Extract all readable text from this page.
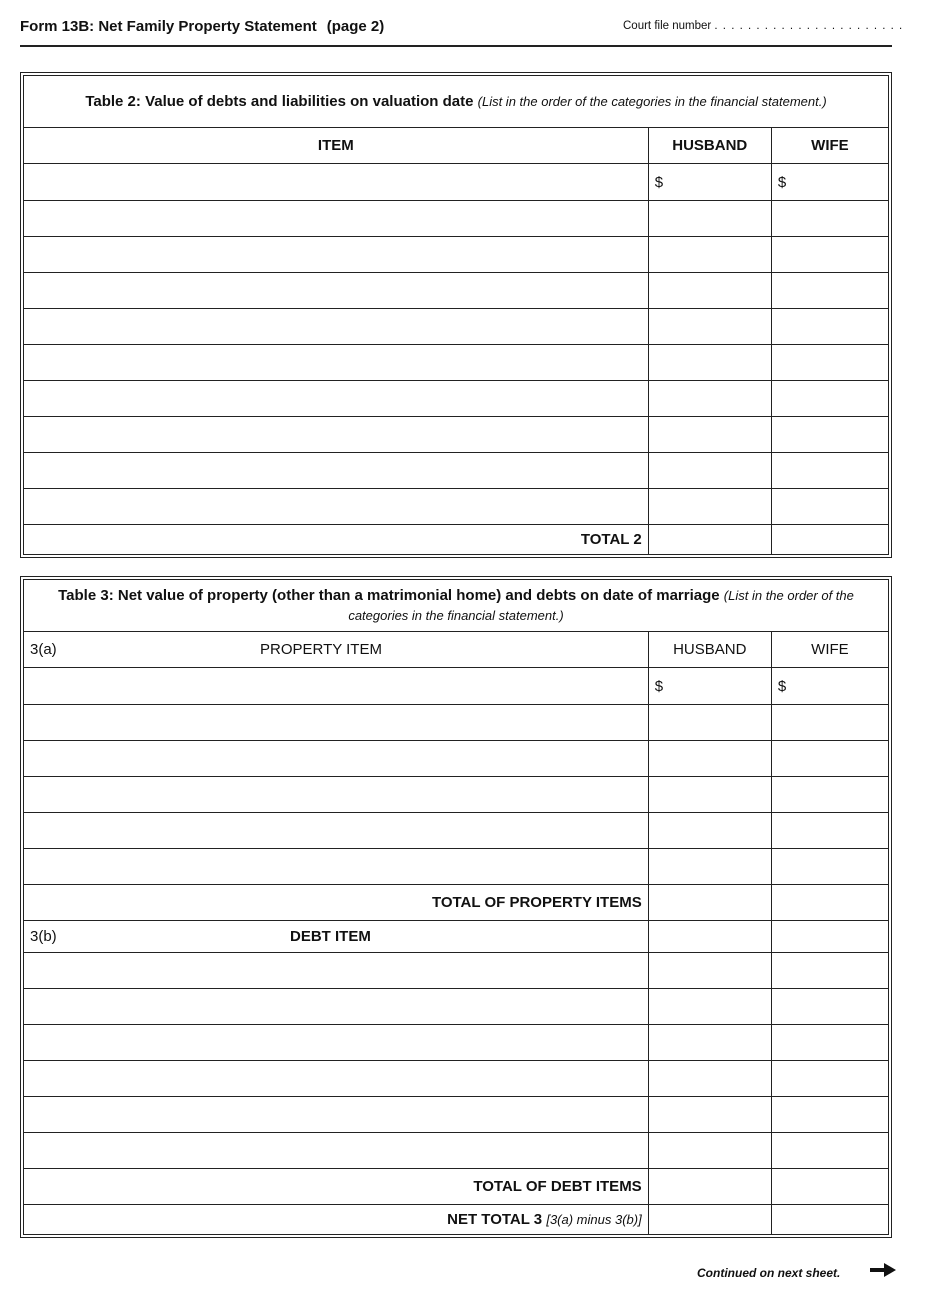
Form 13B: Net Family Property Statement (page 2)	Court file number . . . . . . . . . . . . . . . . . . . . . . .
Table 2: Value of debts and liabilities on valuation date (List in the order of the categories in the financial statement.)		
ITEM	HUSBAND	WIFE
	$	$

TOTAL 2		
Table 3: Net value of property (other than a matrimonial home) and debts on date of marriage (List in the order of the categories in the financial statement.)		
3(a) PROPERTY ITEM	HUSBAND	WIFE
	$	$

TOTAL OF PROPERTY ITEMS		
3(b) DEBT ITEM		

TOTAL OF DEBT ITEMS		
NET TOTAL 3 [3(a) minus 3(b)]		
Continued on next sheet.
